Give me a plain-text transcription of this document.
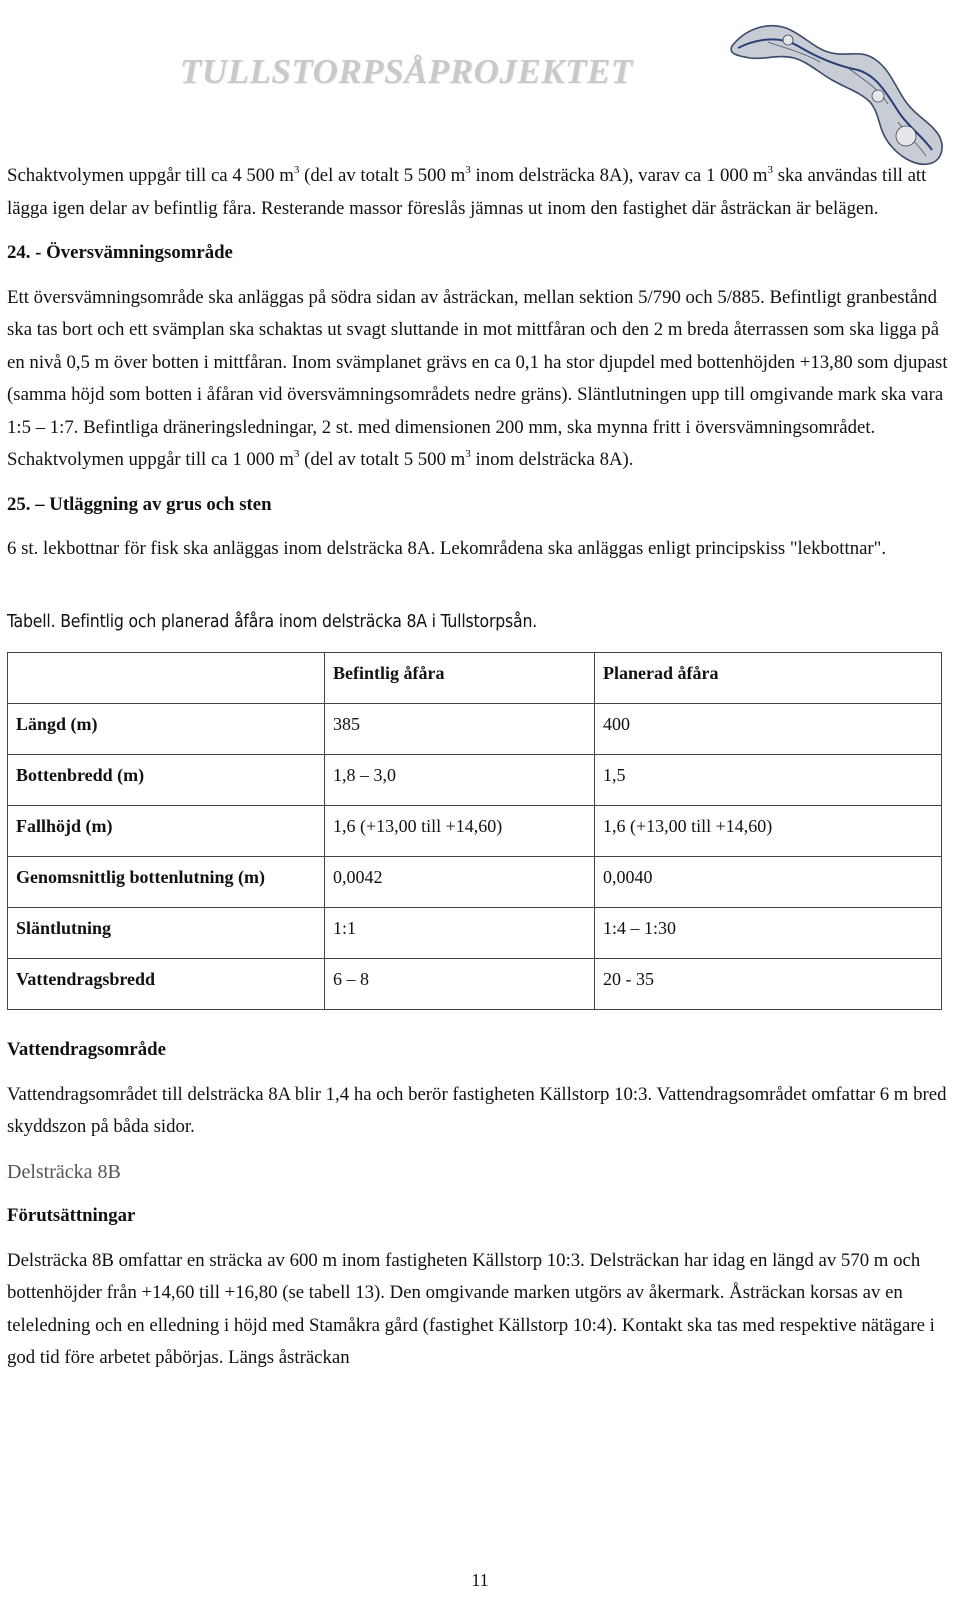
TULLSTORPSÅPROJEKTET

Schaktvolymen uppgår till ca 4 500 $m^3$ (del av totalt 5 500 $m^3$ inom delsträcka 8A), varav ca 1 000 $m^3$ ska användas till att lägga igen delar av befintlig fåra. Resterande massor föreslås jämnas ut inom den fastighet där åsträckan är belägen.

24. - Översvämningsområde

Ett översvämningsområde ska anläggas på södra sidan av åsträckan, mellan sektion 5/790 och 5/885. Befintligt granbestånd ska tas bort och ett svämplan ska schaktas ut svagt sluttande in mot mittfåran och den 2 m breda återrassen som ska ligga på en nivå 0,5 m över botten i mittfåran. Inom svämplanet grävs en ca 0,1 ha stor djupdel med bottenhöjden +13,80 som djupast (samma höjd som botten i åfåran vid översvämningsområdets nedre gräns). Släntlutningen upp till omgivande mark ska vara 1:5 – 1:7. Befintliga dräneringsledningar, 2 st. med dimensionen 200 mm, ska mynna fritt i översvämningsområdet. Schaktvolymen uppgår till ca 1 000 $m^3$ (del av totalt 5 500 $m^3$ inom delsträcka 8A).

25. – Utläggning av grus och sten

6 st. lekbottnar för fisk ska anläggas inom delsträcka 8A. Lekområdena ska anläggas enligt principskiss "lekbottnar".

Tabell. Befintlig och planerad åfåra inom delsträcka 8A i Tullstorpsån.

	Befintlig åfåra	Planerad åfåra
Längd (m)	385	400
Bottenbredd (m)	1,8 – 3,0	1,5
Fallhöjd (m)	1,6 (+13,00 till +14,60)	1,6 (+13,00 till +14,60)
Genomsnittlig bottenlutning (m)	0,0042	0,0040
Släntlutning	1:1	1:4 – 1:30
Vattendragsbredd	6 – 8	20 - 35

Vattendragsområde

Vattendragsområdet till delsträcka 8A blir 1,4 ha och berör fastigheten Källstorp 10:3. Vattendragsområdet omfattar 6 m bred skyddszon på båda sidor.

Delsträcka 8B

Förutsättningar

Delsträcka 8B omfattar en sträcka av 600 m inom fastigheten Källstorp 10:3. Delsträckan har idag en längd av 570 m och bottenhöjder från +14,60 till +16,80 (se tabell 13). Den omgivande marken utgörs av åkermark. Åsträckan korsas av en teleledning och en elledning i höjd med Stamåkra gård (fastighet Källstorp 10:4). Kontakt ska tas med respektive nätägare i god tid före arbetet påbörjas. Längs åsträckan

11
